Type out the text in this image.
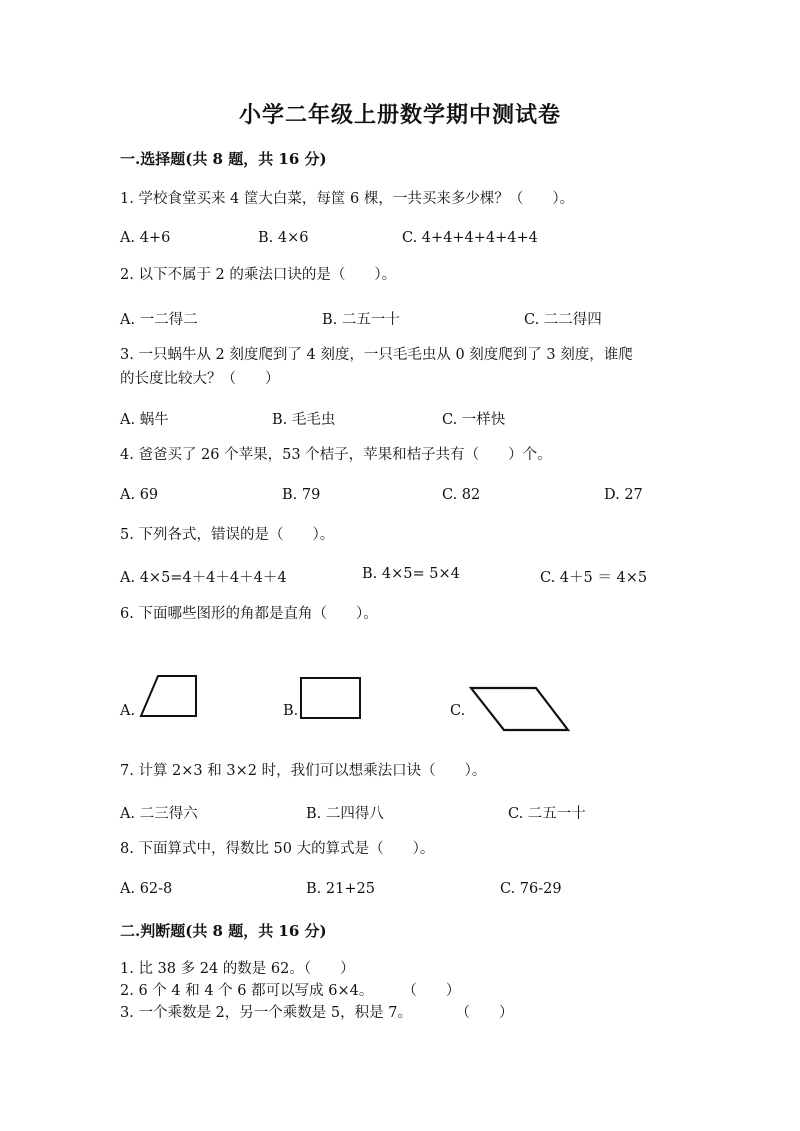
小学二年级上册数学期中测试卷
一.选择题(共 8 题，共 16 分)
1. 学校食堂买来 4 筐大白菜，每筐 6 棵，一共买来多少棵？（　　）。
A. 4+6	B. 4×6	C. 4+4+4+4+4+4
2. 以下不属于 2 的乘法口诀的是（　　）。
A. 一二得二	B. 二五一十	C. 二二得四
3. 一只蜗牛从 2 刻度爬到了 4 刻度，一只毛毛虫从 0 刻度爬到了 3 刻度，谁爬
的长度比较大？（　　）
A. 蜗牛	B. 毛毛虫	C. 一样快
4. 爸爸买了 26 个苹果，53 个桔子，苹果和桔子共有（　　）个。
A. 69	B. 79	C. 82	D. 27
5. 下列各式，错误的是（　　）。
A. 4×5=4＋4＋4＋4＋4	B. 4×5= 5×4	C. 4＋5 ＝ 4×5
6. 下面哪些图形的角都是直角（　　）。
A.	B.	C.
7. 计算 2×3 和 3×2 时，我们可以想乘法口诀（　　）。
A. 二三得六	B. 二四得八	C. 二五一十
8. 下面算式中，得数比 50 大的算式是（　　）。
A. 62-8	B. 21+25	C. 76-29
二.判断题(共 8 题，共 16 分)
1. 比 38 多 24 的数是 62。（　　）
2. 6 个 4 和 4 个 6 都可以写成 6×4。　　　（　　）
3. 一个乘数是 2，另一个乘数是 5，积是 7。　　　　（　　）
